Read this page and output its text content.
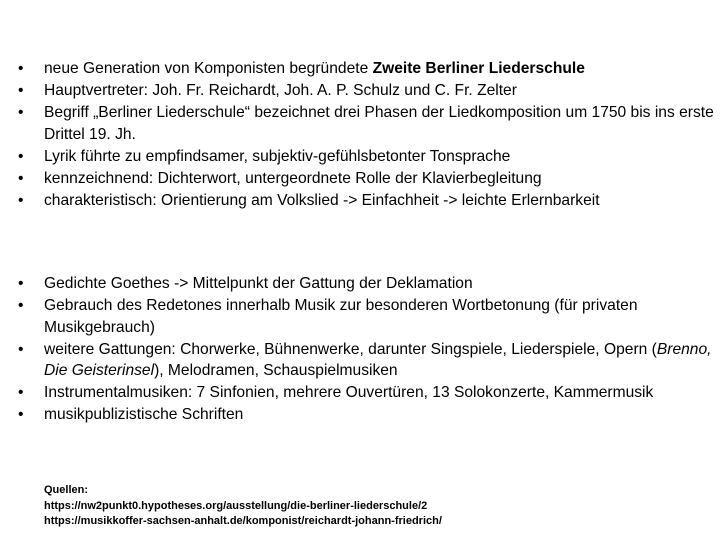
•	neue Generation von Komponisten begründete Zweite Berliner Liederschule
•	Hauptvertreter: Joh. Fr. Reichardt, Joh. A. P. Schulz und C. Fr. Zelter
•	Begriff „Berliner Liederschule“ bezeichnet drei Phasen der Liedkomposition um 1750 bis ins erste Drittel 19. Jh.
•	Lyrik führte zu empfindsamer, subjektiv-gefühlsbetonter Tonsprache
•	kennzeichnend: Dichterwort, untergeordnete Rolle der Klavierbegleitung
•	charakteristisch: Orientierung am Volkslied -> Einfachheit -> leichte Erlernbarkeit
•	Gedichte Goethes -> Mittelpunkt der Gattung der Deklamation
•	Gebrauch des Redetones innerhalb Musik zur besonderen Wortbetonung (für privaten Musikgebrauch)
•	weitere Gattungen: Chorwerke, Bühnenwerke, darunter Singspiele, Liederspiele, Opern (Brenno, Die Geisterinsel), Melodramen, Schauspielmusiken
•	Instrumentalmusiken: 7 Sinfonien, mehrere Ouvertüren, 13 Solokonzerte, Kammermusik
•	musikpublizistische Schriften
Quellen:
https://nw2punkt0.hypotheses.org/ausstellung/die-berliner-liederschule/2
https://musikkoffer-sachsen-anhalt.de/komponist/reichardt-johann-friedrich/
